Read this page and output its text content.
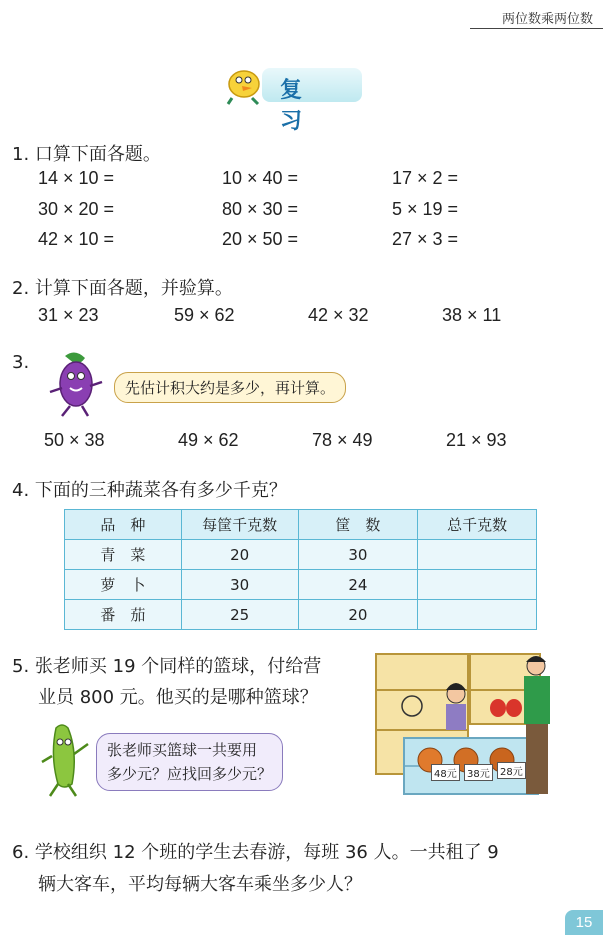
两位数乘两位数
复 习
1. 口算下面各题。
14 × 10 =	10 × 40 =	17 × 2 =
30 × 20 =	80 × 30 =	5 × 19 =
42 × 10 =	20 × 50 =	27 × 3 =
2. 计算下面各题，并验算。
31 × 23	59 × 62	42 × 32	38 × 11
3.
先估计积大约是多少，再计算。
50 × 38	49 × 62	78 × 49	21 × 93
4. 下面的三种蔬菜各有多少千克？
品　种	每筐千克数	筐　数	总千克数
青　菜	20	30	
萝　卜	30	24	
番　茄	25	20	
5. 张老师买 19 个同样的篮球，付给营
业员 800 元。他买的是哪种篮球？
张老师买篮球一共要用
多少元？应找回多少元？	48元	38元	28元
6. 学校组织 12 个班的学生去春游，每班 36 人。一共租了 9
辆大客车，平均每辆大客车乘坐多少人？
15
